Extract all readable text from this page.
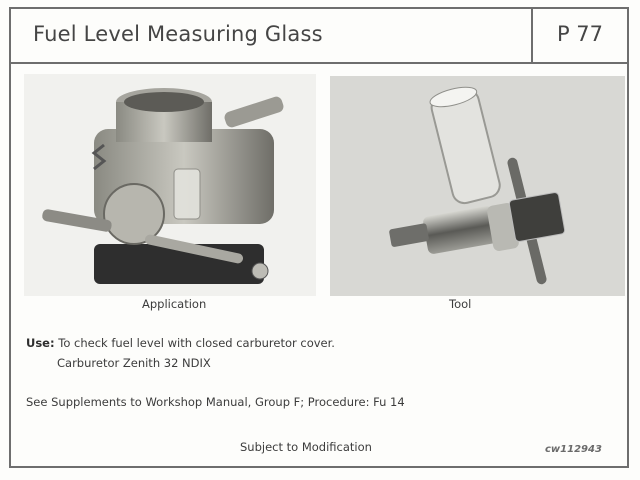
Fuel Level Measuring Glass	P 77
Application	Tool
Use: To check fuel level with closed carburetor cover.
Carburetor Zenith 32 NDIX
See Supplements to Workshop Manual, Group F; Procedure: Fu 14
Subject to Modification	cw112943
